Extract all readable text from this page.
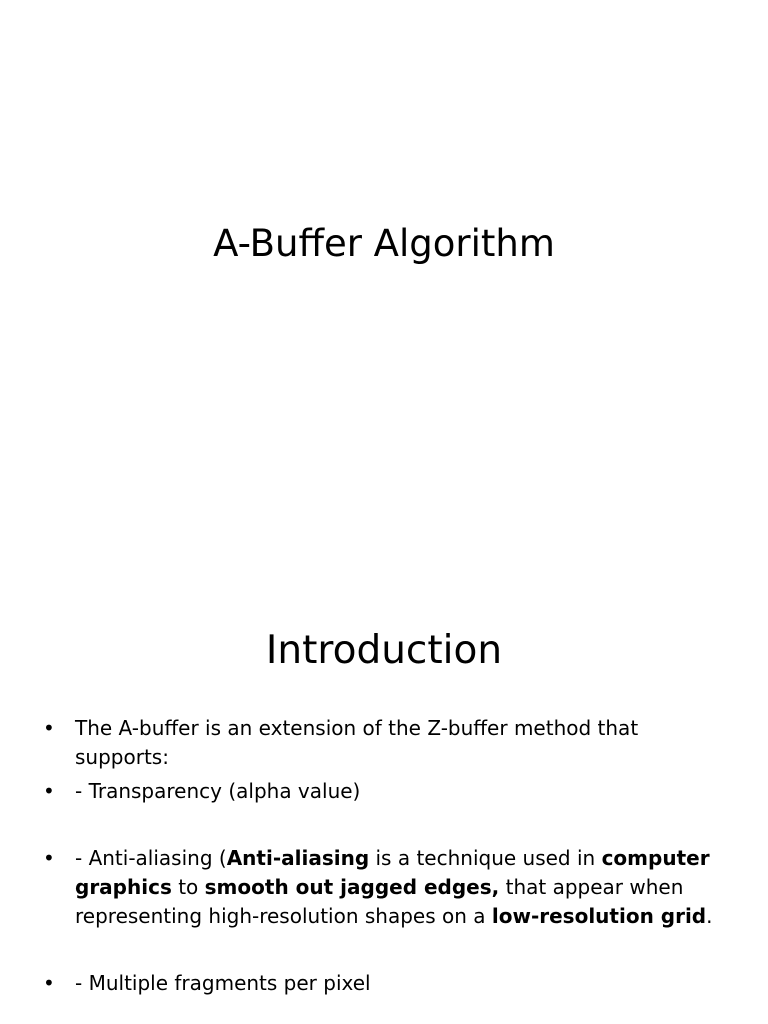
A-Buffer Algorithm
Introduction
• The A-buffer is an extension of the Z-buffer method that supports:
• - Transparency (alpha value)
• - Anti-aliasing (Anti-aliasing is a technique used in computer graphics to smooth out jagged edges, that appear when representing high-resolution shapes on a low-resolution grid.
• - Multiple fragments per pixel
